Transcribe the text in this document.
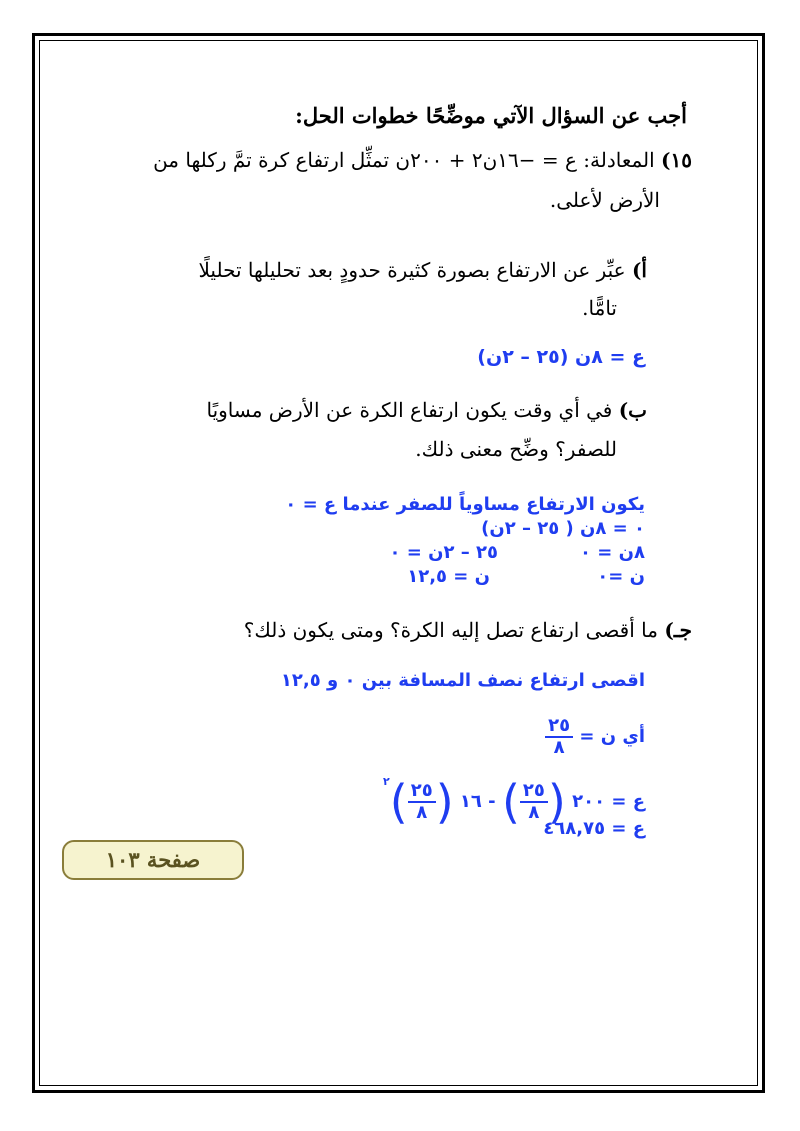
أجب عن السؤال الآتي موضِّحًا خطوات الحل:
١٥) المعادلة: ع = −١٦ن٢ + ٢٠٠ن تمثِّل ارتفاع كرة تمَّ ركلها من
الأرض لأعلى.
أ) عبِّر عن الارتفاع بصورة كثيرة حدودٍ بعد تحليلها تحليلًا
تامًّا.
ع = ٨ن (٢٥ – ٢ن)
ب) في أي وقت يكون ارتفاع الكرة عن الأرض مساويًا
للصفر؟ وضِّح معنى ذلك.
يكون الارتفاع مساوياً للصفر عندما ع = ٠
٠ = ٨ن ( ٢٥ – ٢ن)
٨ن = ٠
٢٥ – ٢ن = ٠
ن =٠
ن = ١٢,٥
جـ) ما أقصى ارتفاع تصل إليه الكرة؟ ومتى يكون ذلك؟
اقصى ارتفاع نصف المسافة بين ٠ و ١٢,٥
أي ن =
$\frac{٢٥}{٨}$
ع = ٢٠٠ (
$\frac{٢٥}{٨}$
) - ١٦ (
$\frac{٢٥}{٨}$
)$^٢$
ع = ٤٦٨,٧٥
صفحة ١٠٣
